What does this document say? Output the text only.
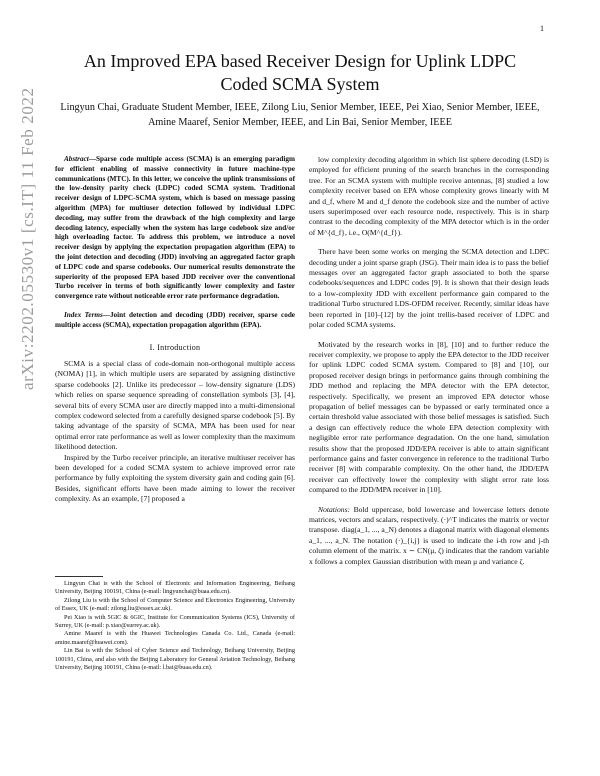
1
arXiv:2202.05530v1 [cs.IT] 11 Feb 2022
An Improved EPA based Receiver Design for Uplink LDPC Coded SCMA System
Lingyun Chai, Graduate Student Member, IEEE, Zilong Liu, Senior Member, IEEE, Pei Xiao, Senior Member, IEEE, Amine Maaref, Senior Member, IEEE, and Lin Bai, Senior Member, IEEE

Abstract—Sparse code multiple access (SCMA) is an emerging paradigm for efficient enabling of massive connectivity in future machine-type communications (MTC). In this letter, we conceive the uplink transmissions of the low-density parity check (LDPC) coded SCMA system. Traditional receiver design of LDPC-SCMA system, which is based on message passing algorithm (MPA) for multiuser detection followed by individual LDPC decoding, may suffer from the drawback of the high complexity and large decoding latency, especially when the system has large codebook size and/or high overloading factor. To address this problem, we introduce a novel receiver design by applying the expectation propagation algorithm (EPA) to the joint detection and decoding (JDD) involving an aggregated factor graph of LDPC code and sparse codebooks. Our numerical results demonstrate the superiority of the proposed EPA based JDD receiver over the conventional Turbo receiver in terms of both significantly lower complexity and faster convergence rate without noticeable error rate performance degradation.

Index Terms—Joint detection and decoding (JDD) receiver, sparse code multiple access (SCMA), expectation propagation algorithm (EPA).

I. Introduction

SCMA is a special class of code-domain non-orthogonal multiple access (NOMA) [1], in which multiple users are separated by assigning distinctive sparse codebooks [2]. Unlike its predecessor – low-density signature (LDS) which relies on sparse sequence spreading of constellation symbols [3], [4], several bits of every SCMA user are directly mapped into a multi-dimensional complex codeword selected from a carefully designed sparse codebook [5]. By taking advantage of the sparsity of SCMA, MPA has been used for near optimal error rate performance as well as lower complexity than the maximum likelihood detection.

Inspired by the Turbo receiver principle, an iterative multiuser receiver has been developed for a coded SCMA system to achieve improved error rate performance by fully exploiting the system diversity gain and coding gain [6]. Besides, significant efforts have been made aiming to lower the receiver complexity. As an example, [7] proposed a

Lingyun Chai is with the School of Electronic and Information Engineering, Beihang University, Beijing 100191, China (e-mail: lingyunchai@buaa.edu.cn).

Zilong Liu is with the School of Computer Science and Electronics Engineering, University of Essex, UK (e-mail: zilong.liu@essex.ac.uk).

Pei Xiao is with 5GIC & 6GIC, Institute for Communication Systems (ICS), University of Surrey, UK (e-mail: p.xiao@surrey.ac.uk).

Amine Maaref is with the Huawei Technologies Canada Co. Ltd., Canada (e-mail: amine.maaref@huawei.com).

Lin Bai is with the School of Cyber Science and Technology, Beihang University, Beijing 100191, China, and also with the Beijing Laboratory for General Aviation Technology, Beihang University, Beijing 100191, China (e-mail: l.bai@buaa.edu.cn).

low complexity decoding algorithm in which list sphere decoding (LSD) is employed for efficient pruning of the search branches in the corresponding tree. For an SCMA system with multiple receive antennas, [8] studied a low complexity receiver based on EPA whose complexity grows linearly with M and d_f, where M and d_f denote the codebook size and the number of active users superimposed over each resource node, respectively. This is in sharp contrast to the decoding complexity of the MPA detector which is in the order of M^{d_f}, i.e., O(M^{d_f}).

There have been some works on merging the SCMA detection and LDPC decoding under a joint sparse graph (JSG). Their main idea is to pass the belief messages over an aggregated factor graph associated to both the sparse codebooks/sequences and LDPC codes [9]. It is shown that their design leads to a low-complexity JDD with excellent performance gain compared to the traditional Turbo structured LDS-OFDM receiver. Recently, similar ideas have been reported in [10]–[12] by the joint trellis-based receiver of LDPC and polar coded SCMA systems.

Motivated by the research works in [8], [10] and to further reduce the receiver complexity, we propose to apply the EPA detector to the JDD receiver for uplink LDPC coded SCMA system. Compared to [8] and [10], our proposed receiver design brings in performance gains through combining the JDD method and replacing the MPA detector with the EPA detector, respectively. Specifically, we present an improved EPA detector whose propagation of belief messages can be bypassed or early terminated once a certain threshold value associated with those belief messages is satisfied. Such a design can effectively reduce the whole EPA detection complexity with negligible error rate performance degradation. On the one hand, simulation results show that the proposed JDD/EPA receiver is able to attain significant performance gains and faster convergence in reference to the traditional Turbo receiver [8] with comparable complexity. On the other hand, the JDD/EPA receiver can effectively lower the complexity with slight error rate loss compared to the JDD/MPA receiver in [10].

Notations: Bold uppercase, bold lowercase and lowercase letters denote matrices, vectors and scalars, respectively. (·)^T indicates the matrix or vector transpose. diag(a_1, ..., a_N) denotes a diagonal matrix with diagonal elements a_1, ..., a_N. The notation (·)_{i,j} is used to indicate the i-th row and j-th column element of the matrix. x ∼ CN(μ, ζ) indicates that the random variable x follows a complex Gaussian distribution with mean μ and variance ζ.
